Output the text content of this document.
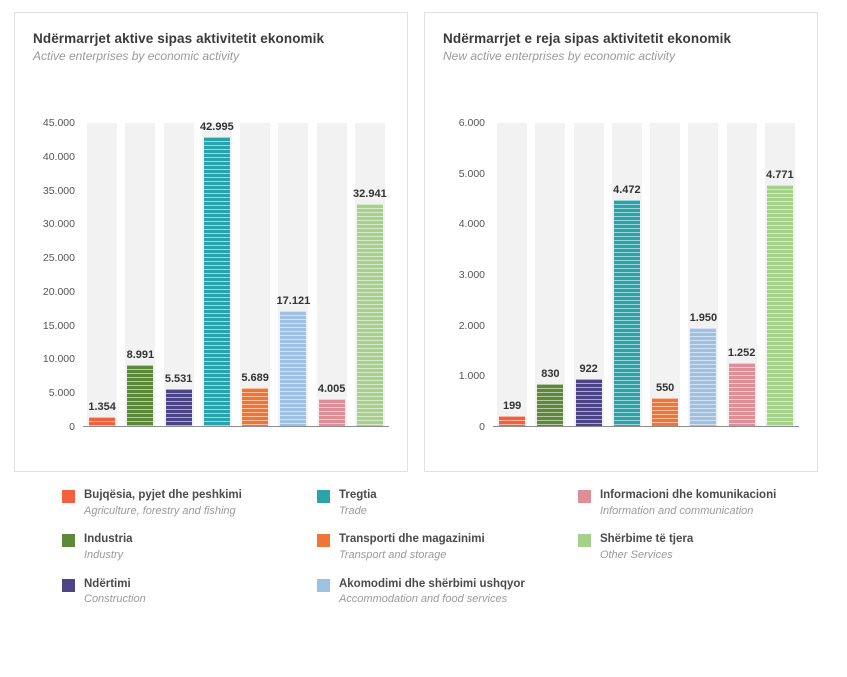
Ndërmarrjet aktive sipas aktivitetit ekonomik
Active enterprises by economic activity
0
5.000
10.000
15.000
20.000
25.000
30.000
35.000
40.000
45.000
1.354
8.991
5.531
42.995
5.689
17.121
4.005
32.941
Ndërmarrjet e reja sipas aktivitetit ekonomik
New active enterprises by economic activity
0
1.000
2.000
3.000
4.000
5.000
6.000
199
830 922
4.472
550
1.950
1.252
4.771
Bujqësia, pyjet dhe peshkimi
Agriculture, forestry and fishing
Industria
Industry
Ndërtimi
Construction
Tregtia
Trade
Transporti dhe magazinimi
Transport and storage
Akomodimi dhe shërbimi ushqyor
Accommodation and food services
Informacioni dhe komunikacioni
Information and communication
Shërbime të tjera
Other Services
